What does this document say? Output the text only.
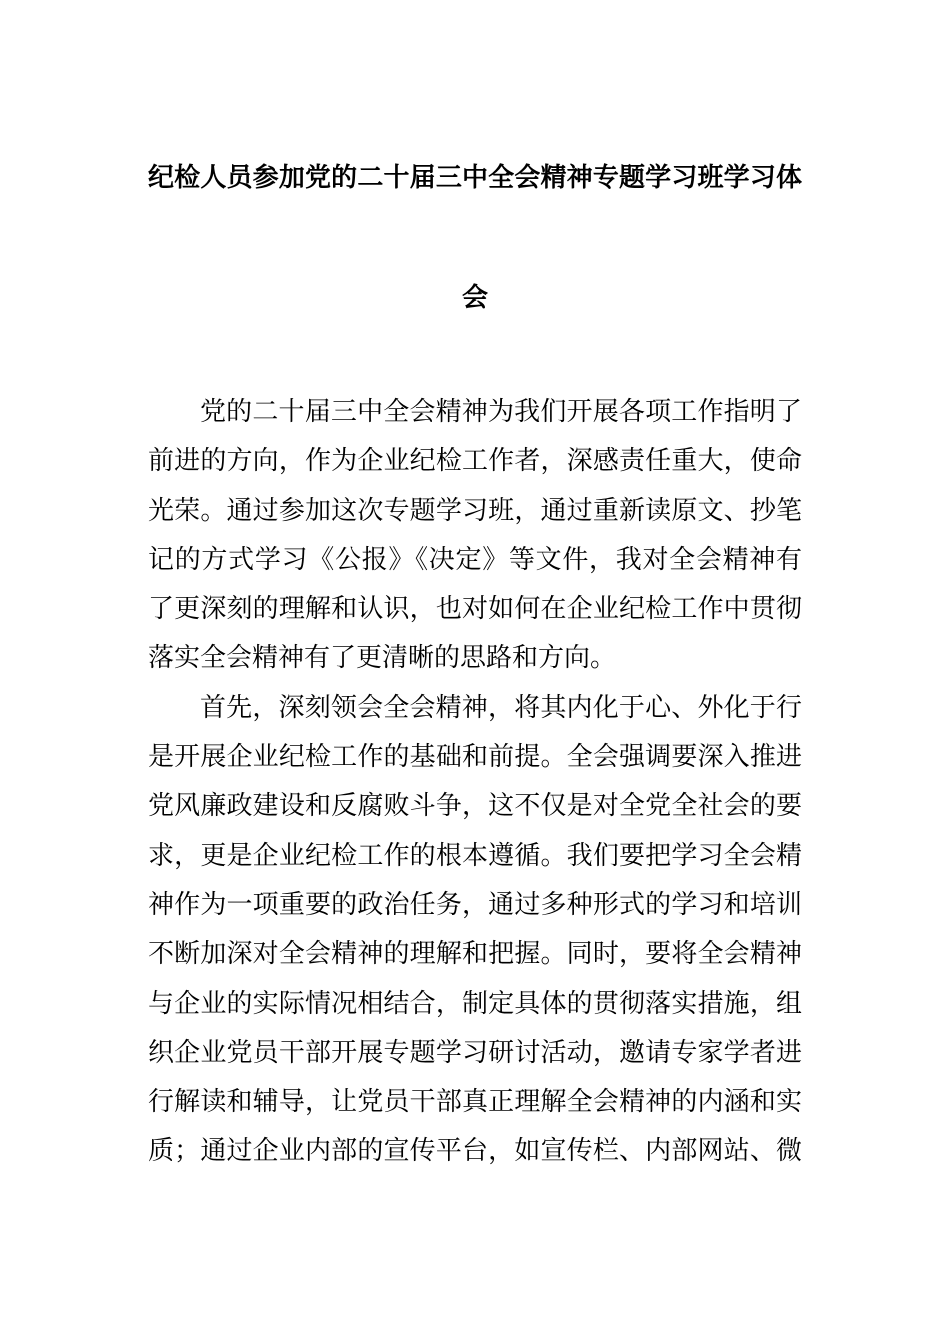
纪检人员参加党的二十届三中全会精神专题学习班学习体
会

党的二十届三中全会精神为我们开展各项工作指明了
前进的方向，作为企业纪检工作者，深感责任重大，使命
光荣。通过参加这次专题学习班，通过重新读原文、抄笔
记的方式学习《公报》《决定》等文件，我对全会精神有
了更深刻的理解和认识，也对如何在企业纪检工作中贯彻
落实全会精神有了更清晰的思路和方向。

首先，深刻领会全会精神，将其内化于心、外化于行
是开展企业纪检工作的基础和前提。全会强调要深入推进
党风廉政建设和反腐败斗争，这不仅是对全党全社会的要
求，更是企业纪检工作的根本遵循。我们要把学习全会精
神作为一项重要的政治任务，通过多种形式的学习和培训
不断加深对全会精神的理解和把握。同时，要将全会精神
与企业的实际情况相结合，制定具体的贯彻落实措施，组
织企业党员干部开展专题学习研讨活动，邀请专家学者进
行解读和辅导，让党员干部真正理解全会精神的内涵和实
质；通过企业内部的宣传平台，如宣传栏、内部网站、微
